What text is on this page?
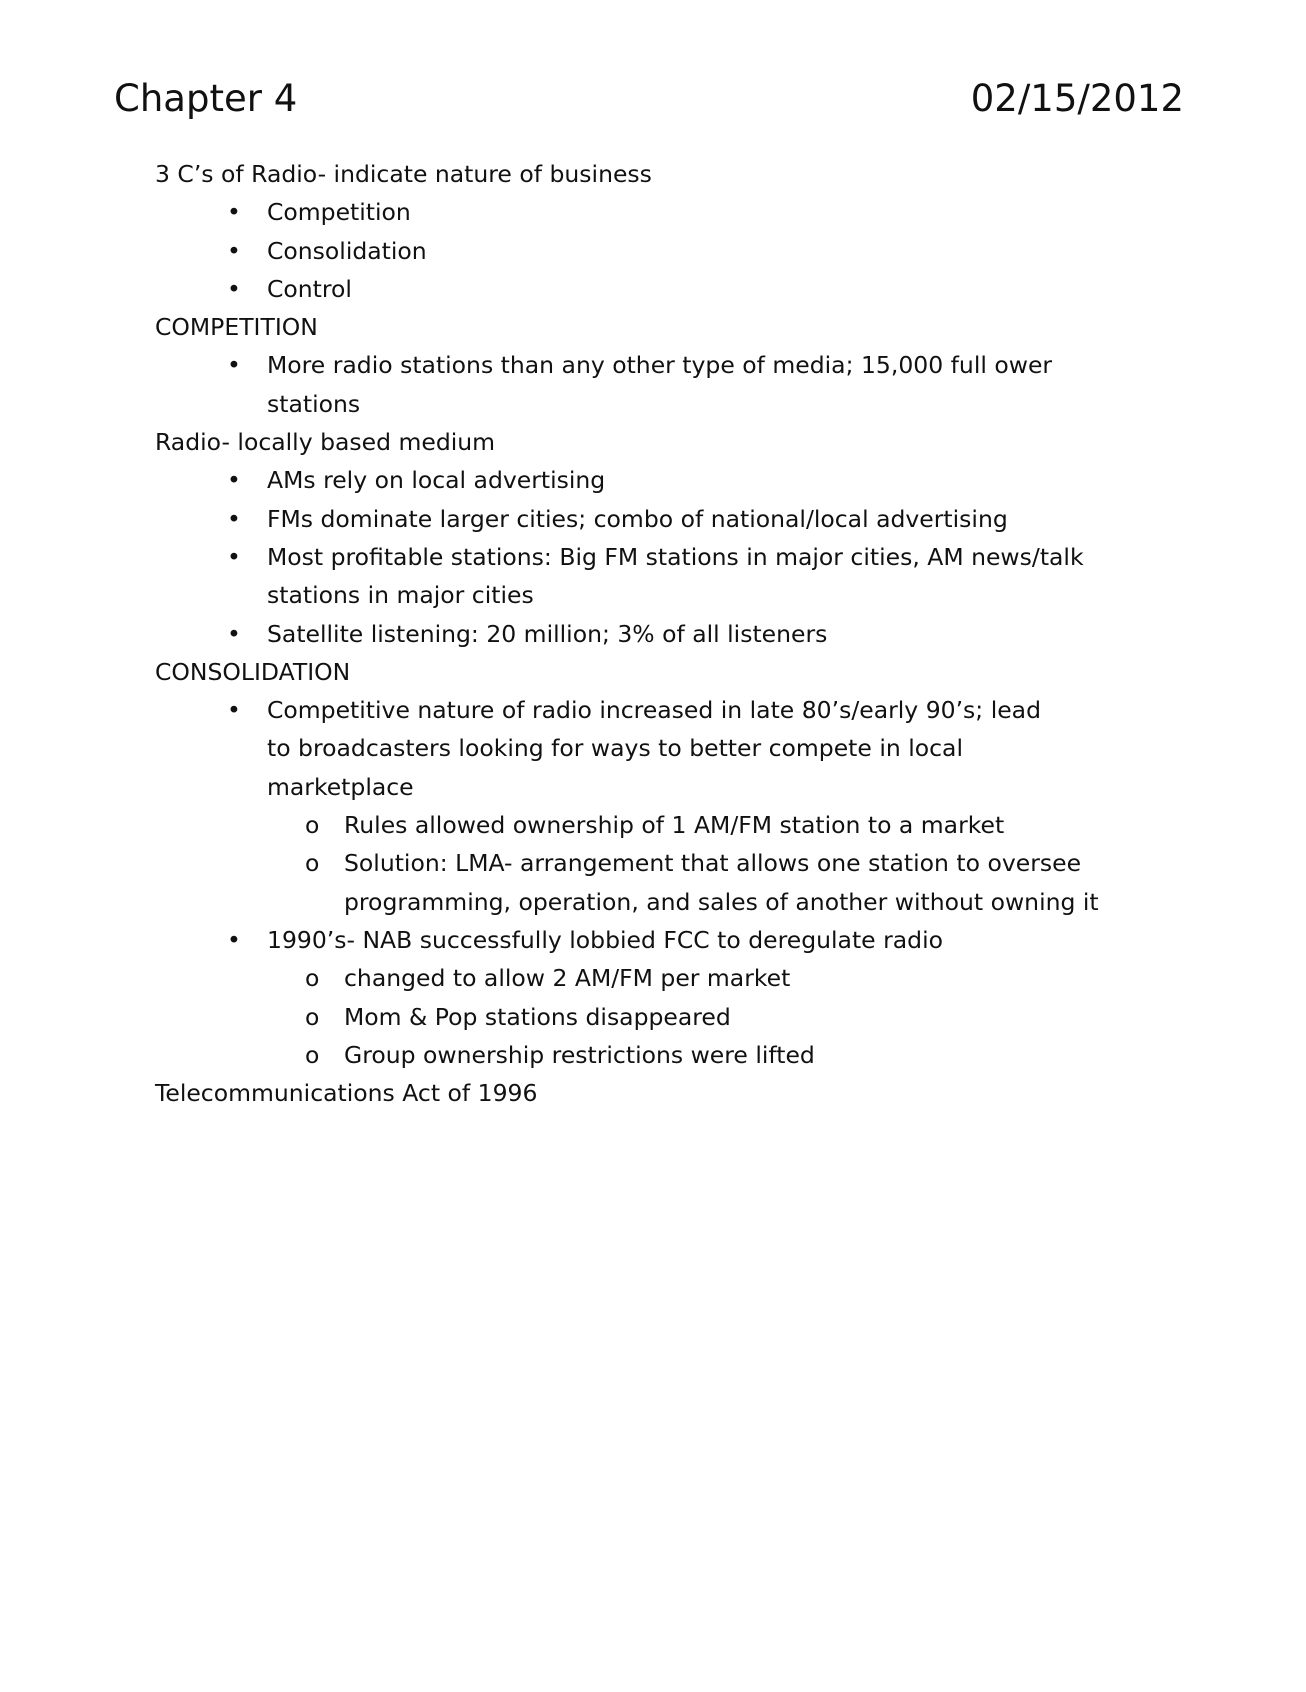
Chapter 4	02/15/2012
3 C’s of Radio- indicate nature of business
• Competition
• Consolidation
• Control
COMPETITION
• More radio stations than any other type of media; 15,000 full ower stations
Radio- locally based medium
• AMs rely on local advertising
• FMs dominate larger cities; combo of national/local advertising
• Most profitable stations: Big FM stations in major cities, AM news/talk stations in major cities
• Satellite listening: 20 million; 3% of all listeners
CONSOLIDATION
• Competitive nature of radio increased in late 80’s/early 90’s; lead to broadcasters looking for ways to better compete in local marketplace
o Rules allowed ownership of 1 AM/FM station to a market
o Solution: LMA- arrangement that allows one station to oversee programming, operation, and sales of another without owning it
• 1990’s- NAB successfully lobbied FCC to deregulate radio
o changed to allow 2 AM/FM per market
o Mom & Pop stations disappeared
o Group ownership restrictions were lifted
Telecommunications Act of 1996
